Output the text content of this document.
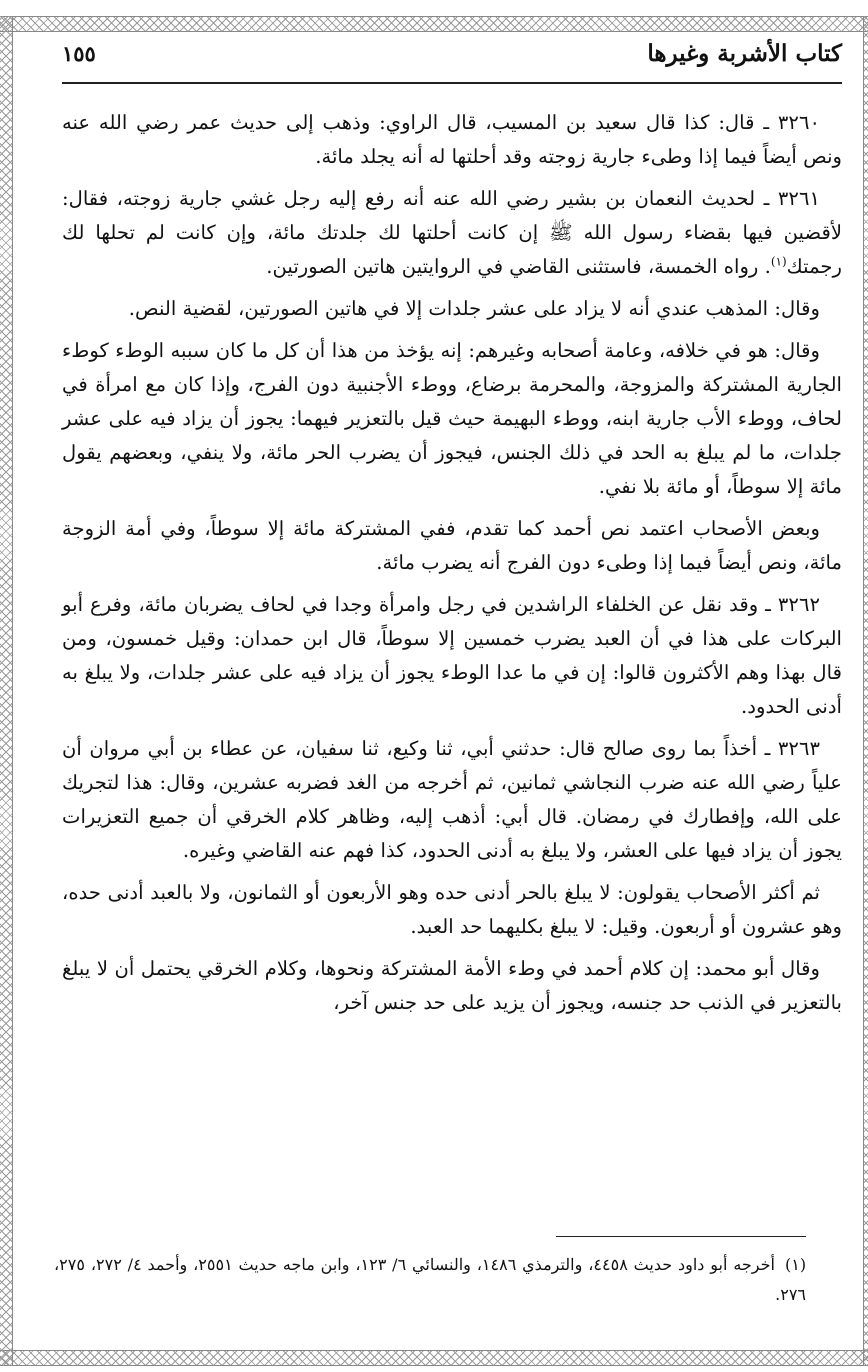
كتاب الأشربة وغيرها
١٥٥

٣٢٦٠ ـ قال: كذا قال سعيد بن المسيب، قال الراوي: وذهب إلى حديث عمر رضي الله عنه ونص أيضاً فيما إذا وطىء جارية زوجته وقد أحلتها له أنه يجلد مائة.

٣٢٦١ ـ لحديث النعمان بن بشير رضي الله عنه أنه رفع إليه رجل غشي جارية زوجته، فقال: لأقضين فيها بقضاء رسول الله ﷺ إن كانت أحلتها لك جلدتك مائة، وإن كانت لم تحلها لك رجمتك$^{(١)}$. رواه الخمسة، فاستثنى القاضي في الروايتين هاتين الصورتين.

وقال: المذهب عندي أنه لا يزاد على عشر جلدات إلا في هاتين الصورتين، لقضية النص.

وقال: هو في خلافه، وعامة أصحابه وغيرهم: إنه يؤخذ من هذا أن كل ما كان سببه الوطء كوطء الجارية المشتركة والمزوجة، والمحرمة برضاع، ووطء الأجنبية دون الفرج، وإذا كان مع امرأة في لحاف، ووطء الأب جارية ابنه، ووطء البهيمة حيث قيل بالتعزير فيهما: يجوز أن يزاد فيه على عشر جلدات، ما لم يبلغ به الحد في ذلك الجنس، فيجوز أن يضرب الحر مائة، ولا ينفي، وبعضهم يقول مائة إلا سوطاً، أو مائة بلا نفي.

وبعض الأصحاب اعتمد نص أحمد كما تقدم، ففي المشتركة مائة إلا سوطاً، وفي أمة الزوجة مائة، ونص أيضاً فيما إذا وطىء دون الفرج أنه يضرب مائة.

٣٢٦٢ ـ وقد نقل عن الخلفاء الراشدين في رجل وامرأة وجدا في لحاف يضربان مائة، وفرع أبو البركات على هذا في أن العبد يضرب خمسين إلا سوطاً، قال ابن حمدان: وقيل خمسون، ومن قال بهذا وهم الأكثرون قالوا: إن في ما عدا الوطء يجوز أن يزاد فيه على عشر جلدات، ولا يبلغ به أدنى الحدود.

٣٢٦٣ ـ أخذاً بما روى صالح قال: حدثني أبي، ثنا وكيع، ثنا سفيان، عن عطاء بن أبي مروان أن علياً رضي الله عنه ضرب النجاشي ثمانين، ثم أخرجه من الغد فضربه عشرين، وقال: هذا لتجريك على الله، وإفطارك في رمضان. قال أبي: أذهب إليه، وظاهر كلام الخرقي أن جميع التعزيرات يجوز أن يزاد فيها على العشر، ولا يبلغ به أدنى الحدود، كذا فهم عنه القاضي وغيره.

ثم أكثر الأصحاب يقولون: لا يبلغ بالحر أدنى حده وهو الأربعون أو الثمانون، ولا بالعبد أدنى حده، وهو عشرون أو أربعون. وقيل: لا يبلغ بكليهما حد العبد.

وقال أبو محمد: إن كلام أحمد في وطء الأمة المشتركة ونحوها، وكلام الخرقي يحتمل أن لا يبلغ بالتعزير في الذنب حد جنسه، ويجوز أن يزيد على حد جنس آخر،

(١)أخرجه أبو داود حديث ٤٤٥٨، والترمذي ١٤٨٦، والنسائي ٦/ ١٢٣، وابن ماجه حديث ٢٥٥١، وأحمد ٤/ ٢٧٢، ٢٧٥، ٢٧٦.
